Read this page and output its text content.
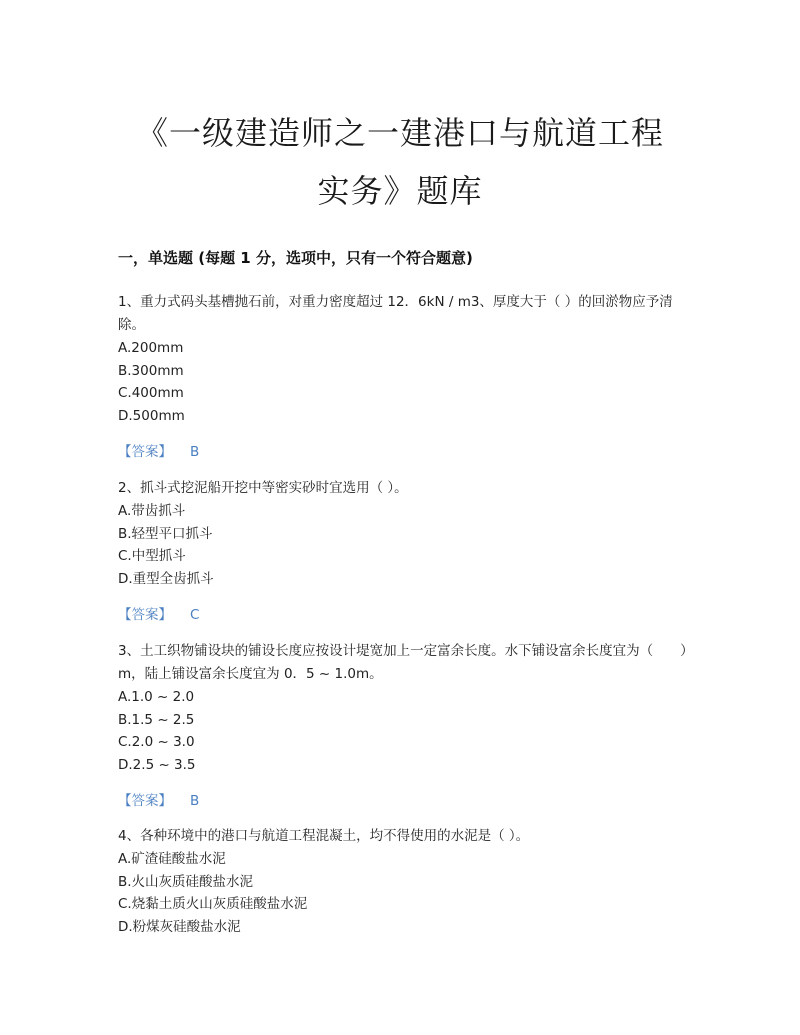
《一级建造师之一建港口与航道工程
实务》题库
一，单选题 (每题 1 分，选项中，只有一个符合题意)
1、重力式码头基槽抛石前，对重力密度超过 12．6kN / m3、厚度大于（ ）的回淤物应予清除。
A.200mm
B.300mm
C.400mm
D.500mm
【答案】 B
2、抓斗式挖泥船开挖中等密实砂时宜选用（ ）。
A.带齿抓斗
B.轻型平口抓斗
C.中型抓斗
D.重型全齿抓斗
【答案】 C
3、土工织物铺设块的铺设长度应按设计堤宽加上一定富余长度。水下铺设富余长度宜为（　　）m，陆上铺设富余长度宜为 0．5 ~ 1.0m。
A.1.0 ~ 2.0
B.1.5 ~ 2.5
C.2.0 ~ 3.0
D.2.5 ~ 3.5
【答案】 B
4、各种环境中的港口与航道工程混凝土，均不得使用的水泥是（ ）。
A.矿渣硅酸盐水泥
B.火山灰质硅酸盐水泥
C.烧黏土质火山灰质硅酸盐水泥
D.粉煤灰硅酸盐水泥
